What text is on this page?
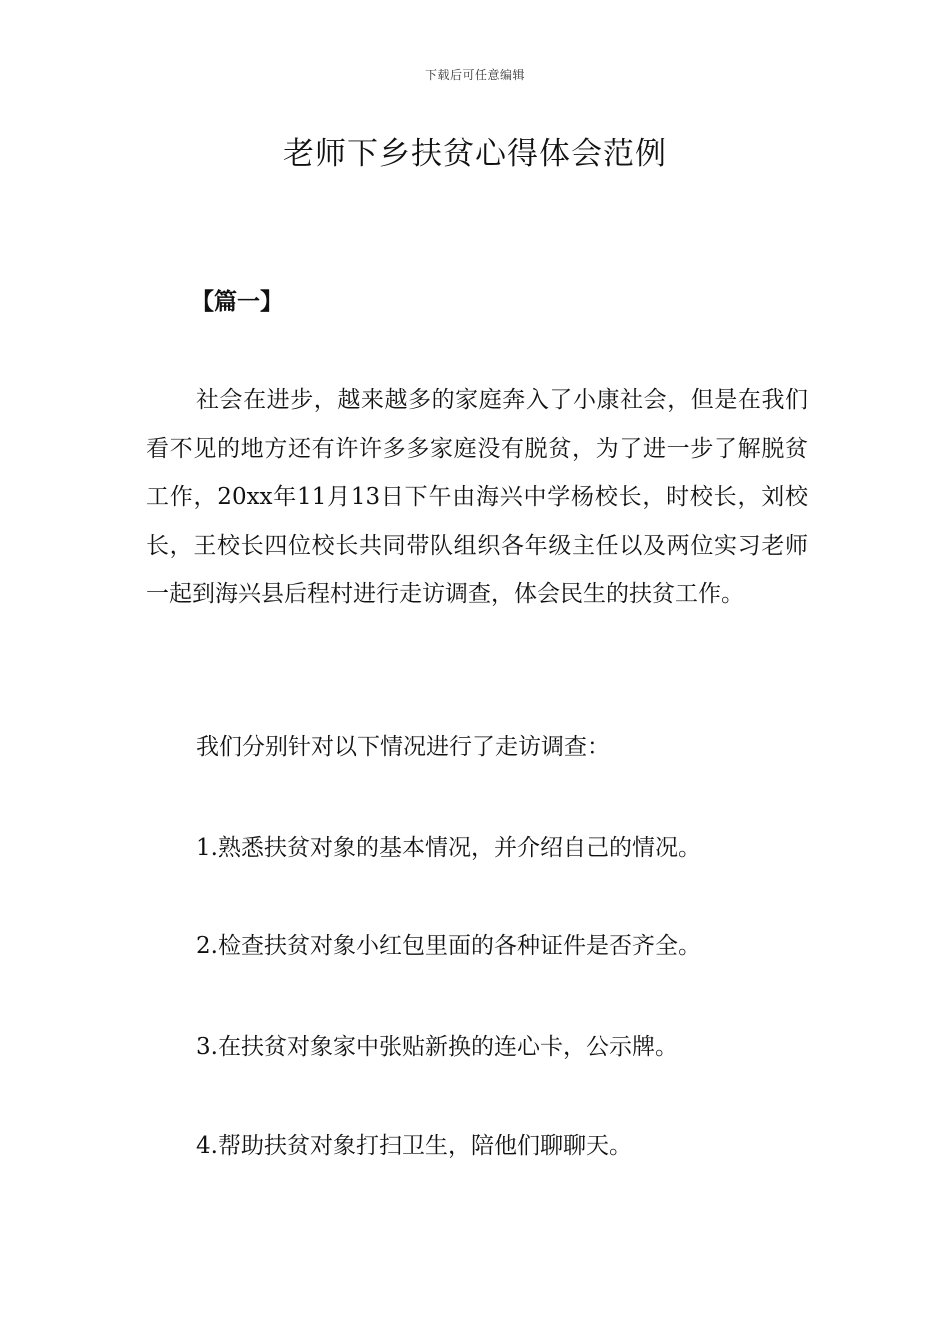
下载后可任意编辑
老师下乡扶贫心得体会范例
【篇一】

社会在进步，越来越多的家庭奔入了小康社会，但是在我们看不见的地方还有许许多多家庭没有脱贫，为了进一步了解脱贫工作，20xx年11月13日下午由海兴中学杨校长，时校长，刘校长，王校长四位校长共同带队组织各年级主任以及两位实习老师一起到海兴县后程村进行走访调查，体会民生的扶贫工作。

我们分别针对以下情况进行了走访调查：

1.熟悉扶贫对象的基本情况，并介绍自己的情况。

2.检查扶贫对象小红包里面的各种证件是否齐全。

3.在扶贫对象家中张贴新换的连心卡，公示牌。

4.帮助扶贫对象打扫卫生，陪他们聊聊天。
